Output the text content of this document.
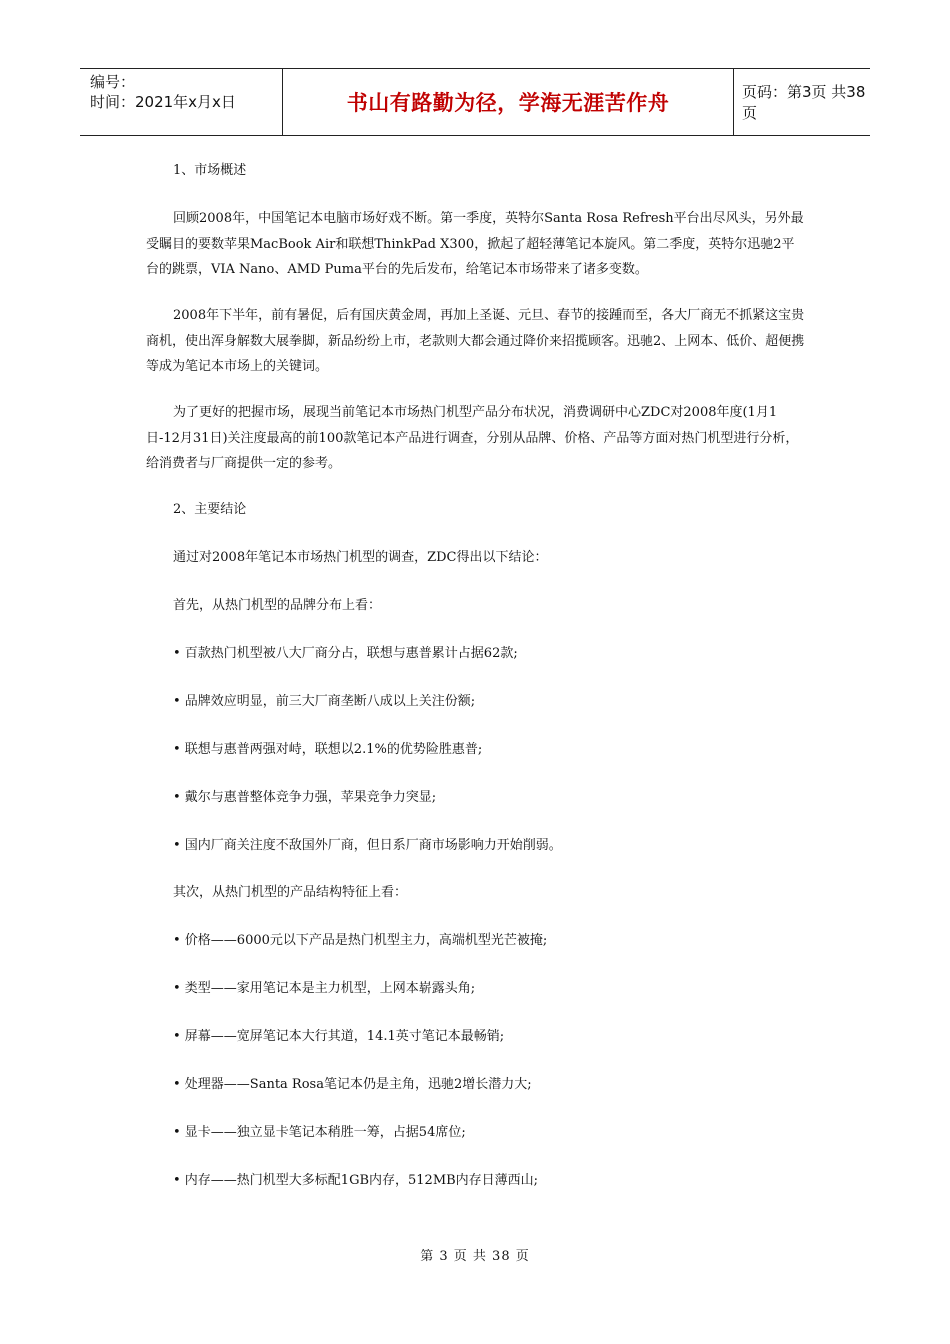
编号：
时间：2021年x月x日	书山有路勤为径，学海无涯苦作舟	页码：第3页 共38页

1、市场概述

回顾2008年，中国笔记本电脑市场好戏不断。第一季度，英特尔Santa Rosa Refresh平台出尽风头，另外最受瞩目的要数苹果MacBook Air和联想ThinkPad X300，掀起了超轻薄笔记本旋风。第二季度，英特尔迅驰2平台的跳票，VIA Nano、AMD Puma平台的先后发布，给笔记本市场带来了诸多变数。

2008年下半年，前有暑促，后有国庆黄金周，再加上圣诞、元旦、春节的接踵而至，各大厂商无不抓紧这宝贵商机，使出浑身解数大展拳脚，新品纷纷上市，老款则大都会通过降价来招揽顾客。迅驰2、上网本、低价、超便携等成为笔记本市场上的关键词。

为了更好的把握市场，展现当前笔记本市场热门机型产品分布状况，消费调研中心ZDC对2008年度(1月1日-12月31日)关注度最高的前100款笔记本产品进行调查，分别从品牌、价格、产品等方面对热门机型进行分析，给消费者与厂商提供一定的参考。

2、主要结论

通过对2008年笔记本市场热门机型的调查，ZDC得出以下结论：

首先，从热门机型的品牌分布上看：

• 百款热门机型被八大厂商分占，联想与惠普累计占据62款;

• 品牌效应明显，前三大厂商垄断八成以上关注份额;

• 联想与惠普两强对峙，联想以2.1%的优势险胜惠普;

• 戴尔与惠普整体竞争力强，苹果竞争力突显;

• 国内厂商关注度不敌国外厂商，但日系厂商市场影响力开始削弱。

其次，从热门机型的产品结构特征上看：

• 价格——6000元以下产品是热门机型主力，高端机型光芒被掩;

• 类型——家用笔记本是主力机型，上网本崭露头角;

• 屏幕——宽屏笔记本大行其道，14.1英寸笔记本最畅销;

• 处理器——Santa Rosa笔记本仍是主角，迅驰2增长潜力大;

• 显卡——独立显卡笔记本稍胜一筹，占据54席位;

• 内存——热门机型大多标配1GB内存，512MB内存日薄西山;

第 3 页 共 38 页
